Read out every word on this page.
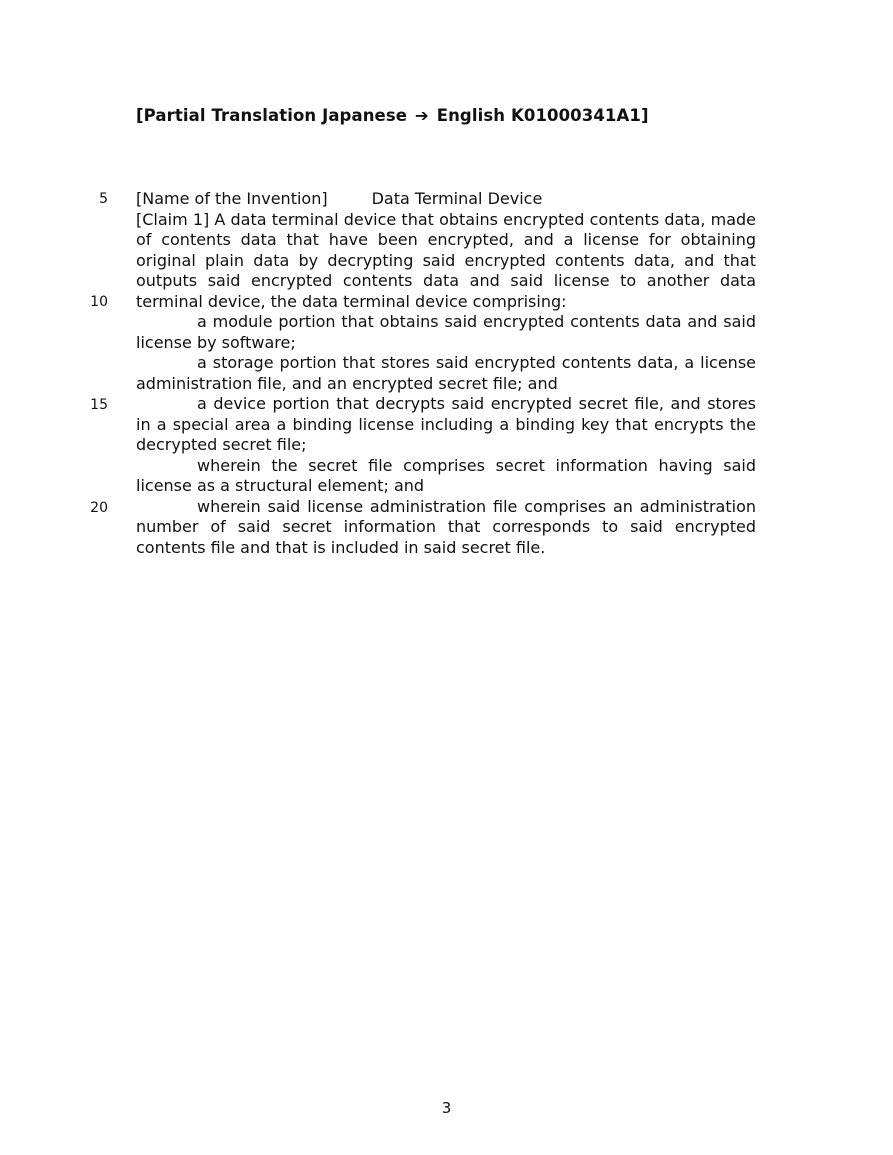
[Partial Translation Japanese ➔ English K01000341A1]
5
10
15
20

[Name of the Invention]	Data Terminal Device

[Claim 1] A data terminal device that obtains encrypted contents data, made of contents data that have been encrypted, and a license for obtaining original plain data by decrypting said encrypted contents data, and that outputs said encrypted contents data and said license to another data terminal device, the data terminal device comprising:

a module portion that obtains said encrypted contents data and said license by software;

a storage portion that stores said encrypted contents data, a license administration file, and an encrypted secret file; and

a device portion that decrypts said encrypted secret file, and stores in a special area a binding license including a binding key that encrypts the decrypted secret file;

wherein the secret file comprises secret information having said license as a structural element; and

wherein said license administration file comprises an administration number of said secret information that corresponds to said encrypted contents file and that is included in said secret file.

3
